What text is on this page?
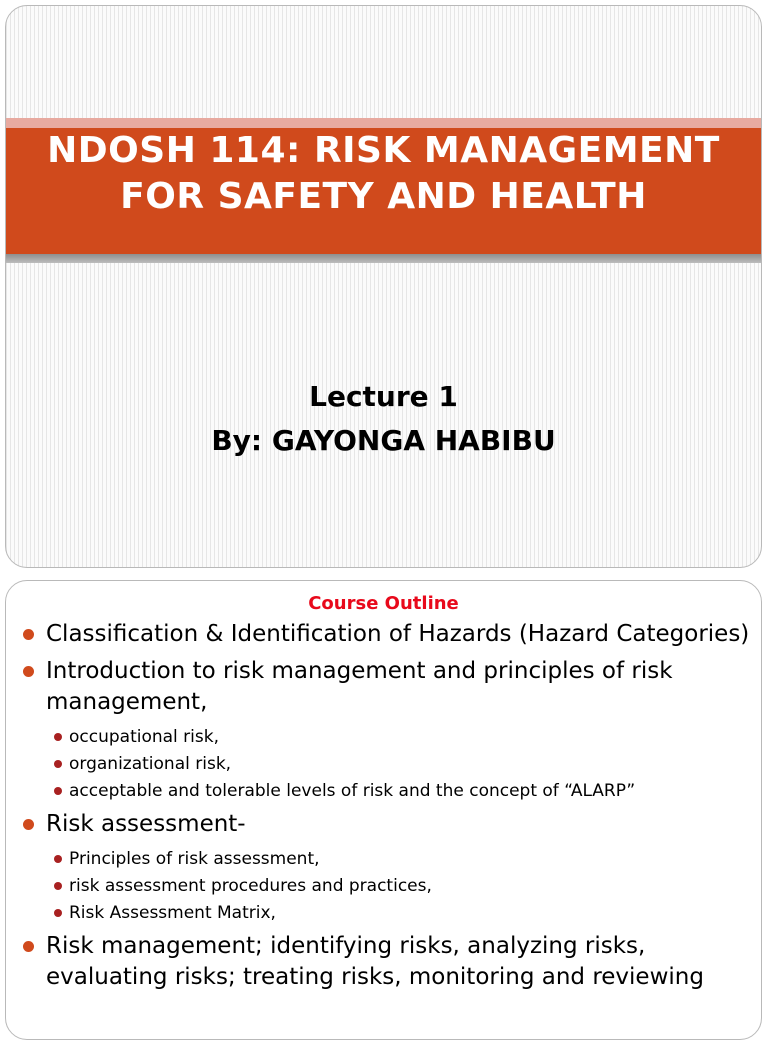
NDOSH 114: RISK MANAGEMENT FOR SAFETY AND HEALTH
Lecture 1
By: GAYONGA HABIBU
Course Outline
Classification & Identification of Hazards (Hazard Categories)
Introduction to risk management and principles of risk management,
occupational risk,
organizational risk,
acceptable and tolerable levels of risk and the concept of “ALARP”
Risk assessment-
Principles of risk assessment,
risk assessment procedures and practices,
Risk Assessment Matrix,
Risk management; identifying risks, analyzing risks, evaluating risks; treating risks, monitoring and reviewing
